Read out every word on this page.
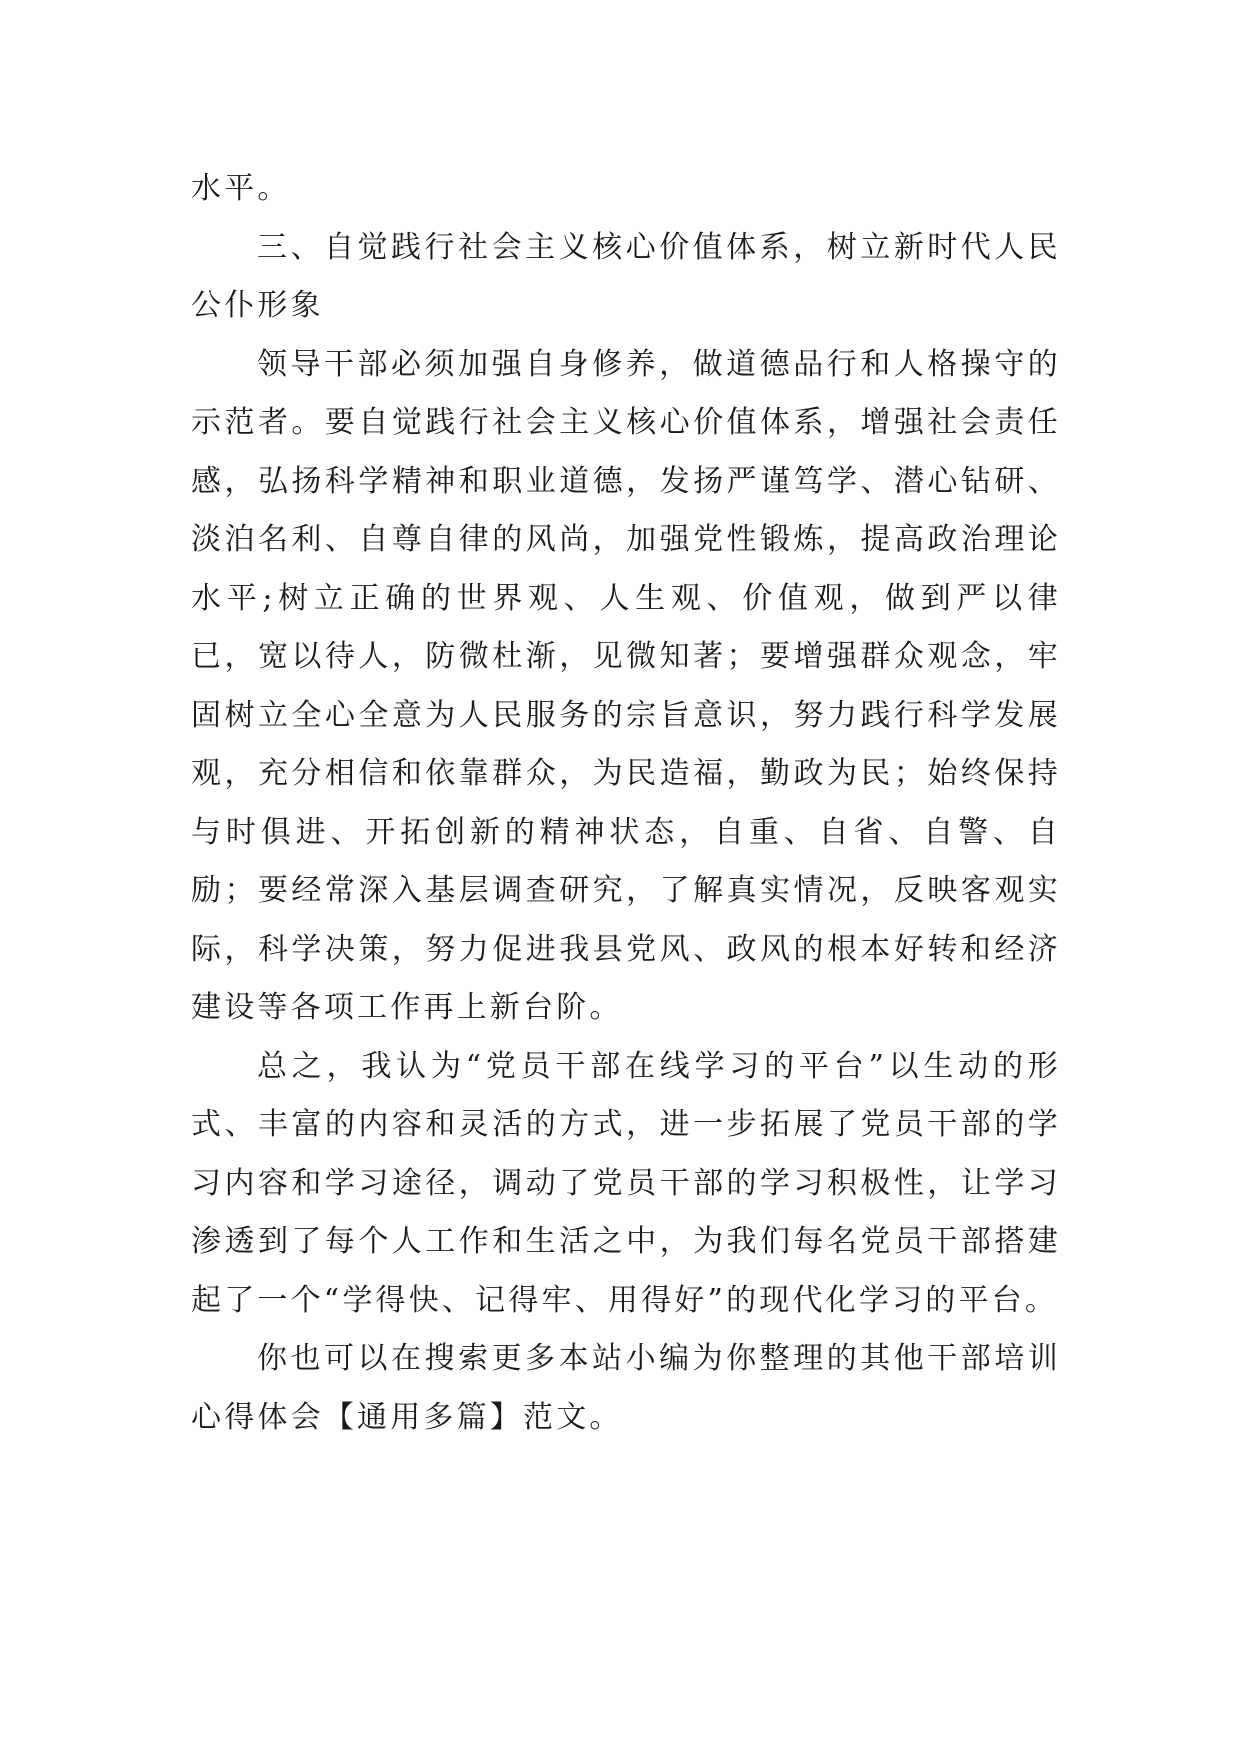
水平。

三、自觉践行社会主义核心价值体系，树立新时代人民公仆形象

领导干部必须加强自身修养，做道德品行和人格操守的示范者。要自觉践行社会主义核心价值体系，增强社会责任感，弘扬科学精神和职业道德，发扬严谨笃学、潜心钻研、淡泊名利、自尊自律的风尚，加强党性锻炼，提高政治理论水平;树立正确的世界观、人生观、价值观，做到严以律已，宽以待人，防微杜渐，见微知著；要增强群众观念，牢固树立全心全意为人民服务的宗旨意识，努力践行科学发展观，充分相信和依靠群众，为民造福，勤政为民；始终保持与时俱进、开拓创新的精神状态，自重、自省、自警、自励；要经常深入基层调查研究，了解真实情况，反映客观实际，科学决策，努力促进我县党风、政风的根本好转和经济建设等各项工作再上新台阶。

总之，我认为“党员干部在线学习的平台”以生动的形式、丰富的内容和灵活的方式，进一步拓展了党员干部的学习内容和学习途径，调动了党员干部的学习积极性，让学习渗透到了每个人工作和生活之中，为我们每名党员干部搭建起了一个“学得快、记得牢、用得好”的现代化学习的平台。

你也可以在搜索更多本站小编为你整理的其他干部培训心得体会【通用多篇】范文。
